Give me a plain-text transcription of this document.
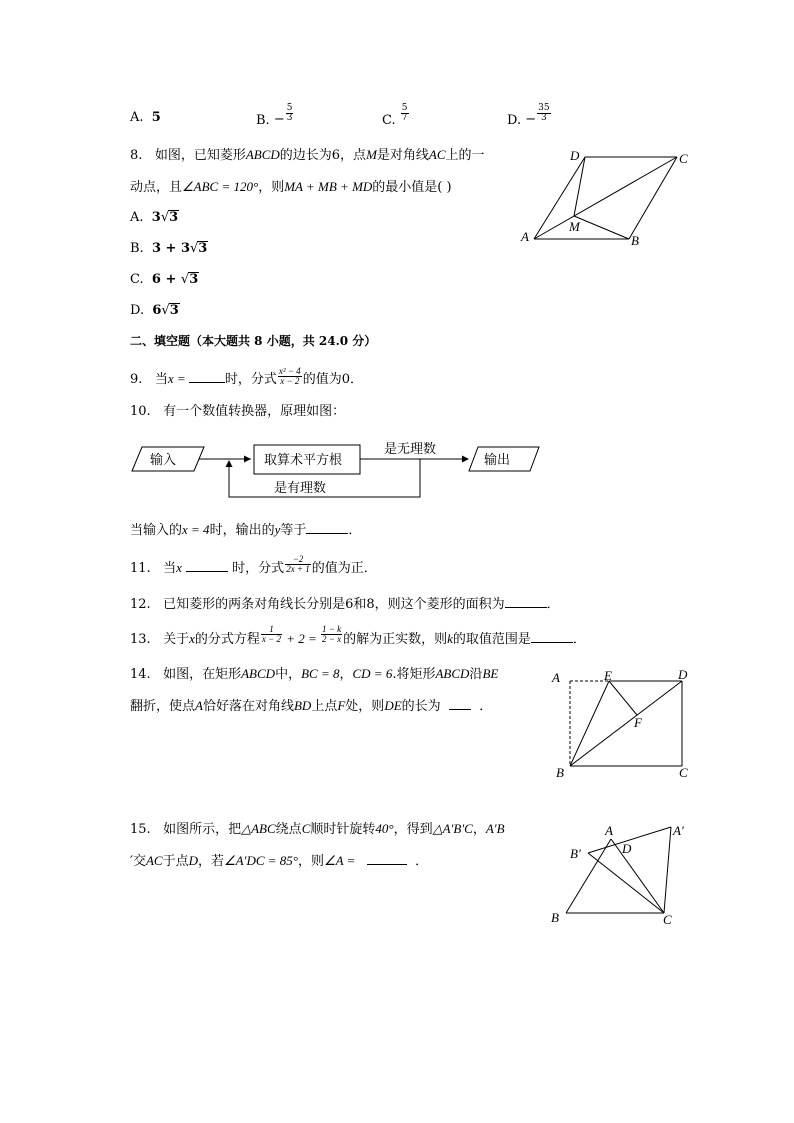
A. 5	B. − $\frac{5}{3}$	C. $\frac{5}{7}$	D. − $\frac{35}{3}$
8. 如图，已知菱形ABCD的边长为6，点M是对角线AC上的一
动点，且∠ABC = 120°，则MA + MB + MD的最小值是( )
A. 3√3
B. 3 + 3√3
C. 6 + √3
D. 6√3
A	B
C
D
M
二、填空题（本大题共 8 小题，共 24.0 分）
9. 当x =	时，分式 $\frac{\text{x² − 4}}{x - 2}$ 的值为0．
10. 有一个数值转换器，原理如图：
输入	取算术平方根
是无理数
输出
是有理数
当输入的x = 4时，输出的y等于	．
11. 当x	时，分式 $\frac{-2}{2x + 1}$ 的值为正．
12. 已知菱形的两条对角线长分别是6和8，则这个菱形的面积为	．
13. 关于x的分式方程 $\frac{1}{x - 2} + 2 = \frac{1 - k}{2 - x}$ 的解为正实数，则k的取值范围是	．
14. 如图，在矩形ABCD中，BC = 8，CD = 6.将矩形ABCD沿BE
翻折，使点A恰好落在对角线BD上点F处，则DE的长为	．
A	E	D
F
B	C
15. 如图所示，把△ABC绕点C顺时针旋转40°，得到△A′B′C，A′B
′交AC于点D，若∠A′DC = 85°，则∠A =	．
A	A′
B′	D
B	C
